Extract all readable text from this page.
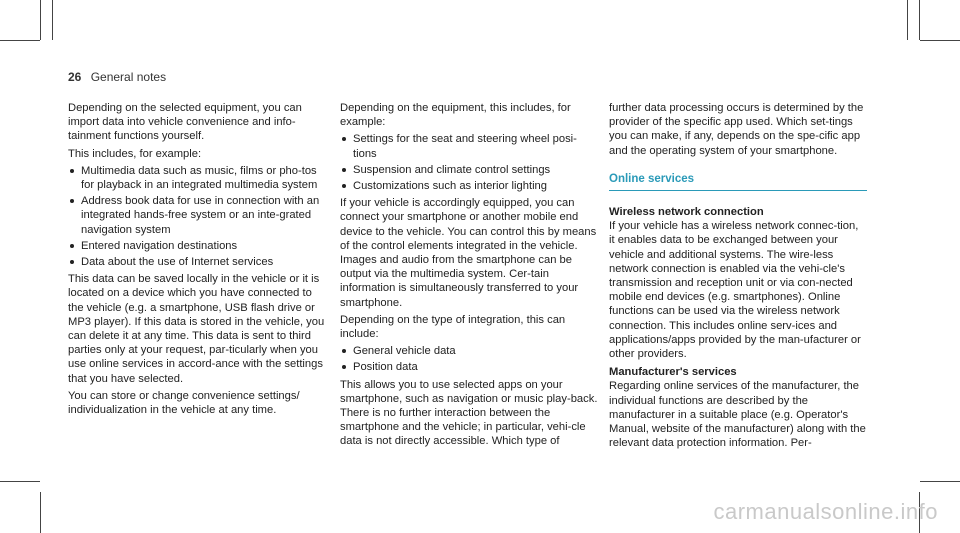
26 General notes

Depending on the selected equipment, you can import data into vehicle convenience and info-tainment functions yourself.

This includes, for example:

Multimedia data such as music, films or pho-tos for playback in an integrated multimedia system
Address book data for use in connection with an integrated hands-free system or an inte-grated navigation system
Entered navigation destinations
Data about the use of Internet services

This data can be saved locally in the vehicle or it is located on a device which you have connected to the vehicle (e.g. a smartphone, USB flash drive or MP3 player). If this data is stored in the vehicle, you can delete it at any time. This data is sent to third parties only at your request, par-ticularly when you use online services in accord-ance with the settings that you have selected.

You can store or change convenience settings/ individualization in the vehicle at any time.

Depending on the equipment, this includes, for example:

Settings for the seat and steering wheel posi-tions
Suspension and climate control settings
Customizations such as interior lighting

If your vehicle is accordingly equipped, you can connect your smartphone or another mobile end device to the vehicle. You can control this by means of the control elements integrated in the vehicle. Images and audio from the smartphone can be output via the multimedia system. Cer-tain information is simultaneously transferred to your smartphone.

Depending on the type of integration, this can include:

General vehicle data
Position data

This allows you to use selected apps on your smartphone, such as navigation or music play-back. There is no further interaction between the smartphone and the vehicle; in particular, vehi-cle data is not directly accessible. Which type of

further data processing occurs is determined by the provider of the specific app used. Which set-tings you can make, if any, depends on the spe-cific app and the operating system of your smartphone.

Online services
Wireless network connection

If your vehicle has a wireless network connec-tion, it enables data to be exchanged between your vehicle and additional systems. The wire-less network connection is enabled via the vehi-cle's transmission and reception unit or via con-nected mobile end devices (e.g. smartphones). Online functions can be used via the wireless network connection. This includes online serv-ices and applications/apps provided by the man-ufacturer or other providers.

Manufacturer's services

Regarding online services of the manufacturer, the individual functions are described by the manufacturer in a suitable place (e.g. Operator's Manual, website of the manufacturer) along with the relevant data protection information. Per-

carmanualsonline.info
